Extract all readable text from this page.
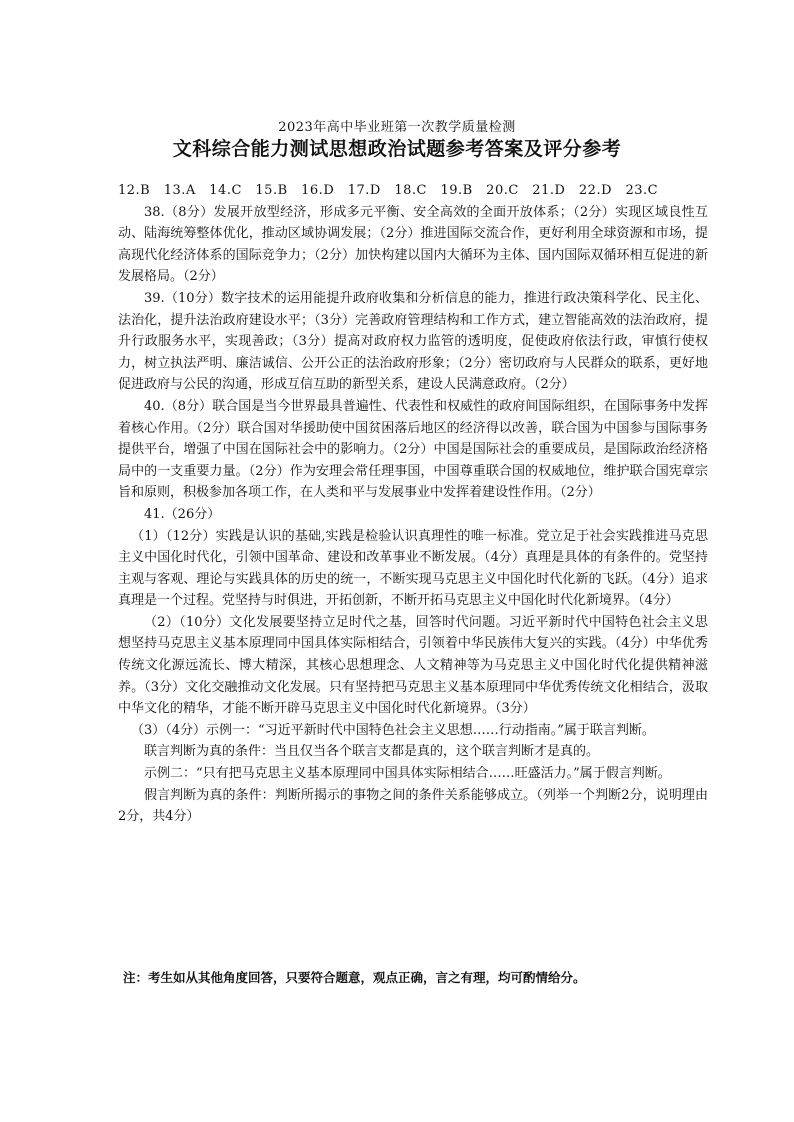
2023年高中毕业班第一次教学质量检测
文科综合能力测试思想政治试题参考答案及评分参考

12.B　13.A　14.C　15.B　16.D　17.D　18.C　19.B　20.C　21.D　22.D　23.C

38.（8分）发展开放型经济，形成多元平衡、安全高效的全面开放体系；（2分）实现区域良性互动、陆海统筹整体优化，推动区域协调发展；（2分）推进国际交流合作，更好利用全球资源和市场，提高现代化经济体系的国际竞争力；（2分）加快构建以国内大循环为主体、国内国际双循环相互促进的新发展格局。（2分）

39.（10分）数字技术的运用能提升政府收集和分析信息的能力，推进行政决策科学化、民主化、法治化，提升法治政府建设水平；（3分）完善政府管理结构和工作方式，建立智能高效的法治政府，提升行政服务水平，实现善政；（3分）提高对政府权力监管的透明度，促使政府依法行政，审慎行使权力，树立执法严明、廉洁诚信、公开公正的法治政府形象；（2分）密切政府与人民群众的联系，更好地促进政府与公民的沟通，形成互信互助的新型关系，建设人民满意政府。（2分）

40.（8分）联合国是当今世界最具普遍性、代表性和权威性的政府间国际组织，在国际事务中发挥着核心作用。（2分）联合国对华援助使中国贫困落后地区的经济得以改善，联合国为中国参与国际事务提供平台，增强了中国在国际社会中的影响力。（2分）中国是国际社会的重要成员，是国际政治经济格局中的一支重要力量。（2分）作为安理会常任理事国，中国尊重联合国的权威地位，维护联合国宪章宗旨和原则，积极参加各项工作，在人类和平与发展事业中发挥着建设性作用。（2分）

41.（26分）

（1）（12分）实践是认识的基础,实践是检验认识真理性的唯一标准。党立足于社会实践推进马克思主义中国化时代化，引领中国革命、建设和改革事业不断发展。（4分）真理是具体的有条件的。党坚持主观与客观、理论与实践具体的历史的统一，不断实现马克思主义中国化时代化新的飞跃。（4分）追求真理是一个过程。党坚持与时俱进，开拓创新，不断开拓马克思主义中国化时代化新境界。（4分）

（2）（10分）文化发展要坚持立足时代之基，回答时代问题。习近平新时代中国特色社会主义思想坚持马克思主义基本原理同中国具体实际相结合，引领着中华民族伟大复兴的实践。（4分）中华优秀传统文化源远流长、博大精深，其核心思想理念、人文精神等为马克思主义中国化时代化提供精神滋养。（3分）文化交融推动文化发展。只有坚持把马克思主义基本原理同中华优秀传统文化相结合，汲取中华文化的精华，才能不断开辟马克思主义中国化时代化新境界。（3分）

（3）（4分）示例一：“习近平新时代中国特色社会主义思想……行动指南。”属于联言判断。

联言判断为真的条件：当且仅当各个联言支都是真的，这个联言判断才是真的。

示例二：“只有把马克思主义基本原理同中国具体实际相结合……旺盛活力。”属于假言判断。

假言判断为真的条件：判断所揭示的事物之间的条件关系能够成立。（列举一个判断2分，说明理由2分，共4分）

注：考生如从其他角度回答，只要符合题意，观点正确，言之有理，均可酌情给分。
